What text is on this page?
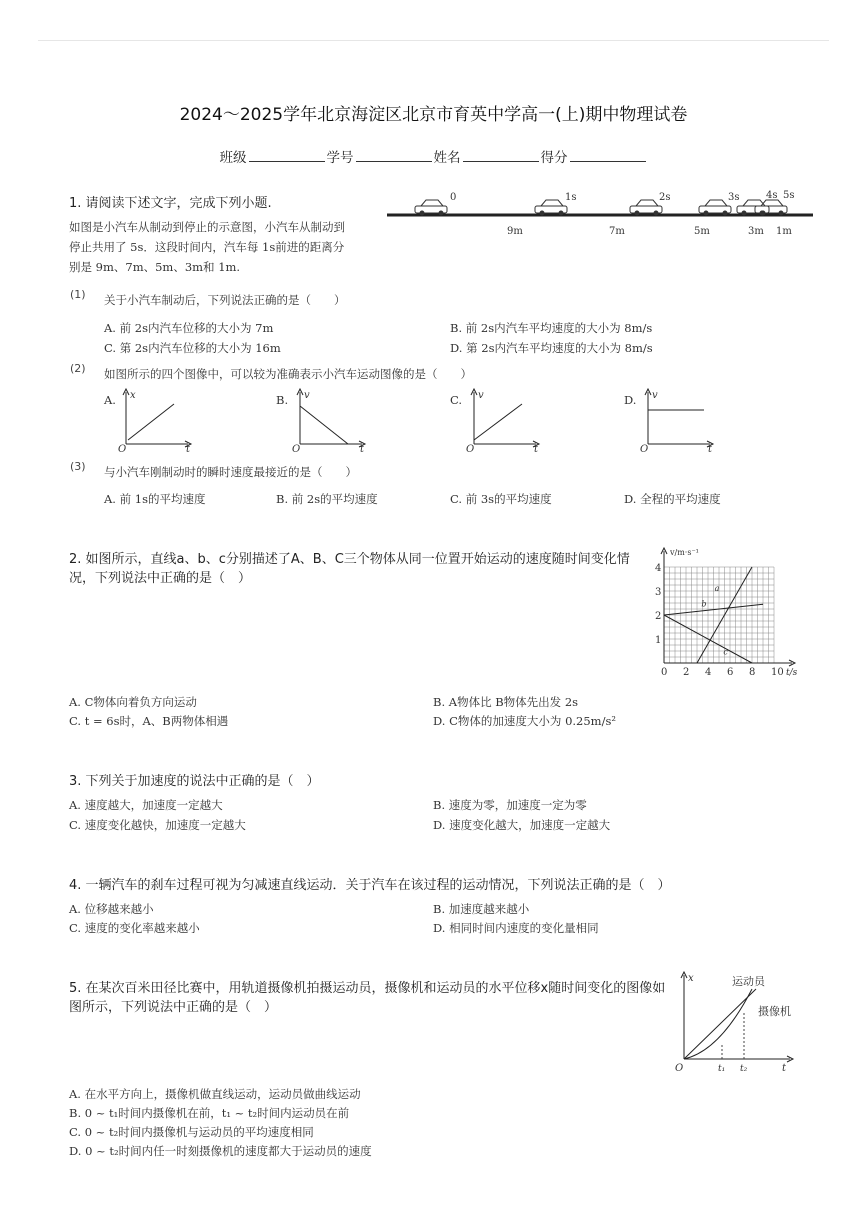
2024～2025学年北京海淀区北京市育英中学高一(上)期中物理试卷
班级	学号	姓名	得分
1. 请阅读下述文字，完成下列小题.
如图是小汽车从制动到停止的示意图，小汽车从制动到
停止共用了 5s．这段时间内，汽车每 1s前进的距离分
别是 9m、7m、5m、3m和 1m.
0	1s	2s	3s	4s 5s
9m	7m	5m	3m 1m
(1) 关于小汽车制动后，下列说法正确的是（　　）
A. 前 2s内汽车位移的大小为 7m	B. 前 2s内汽车平均速度的大小为 8m/s
C. 第 2s内汽车位移的大小为 16m	D. 第 2s内汽车平均速度的大小为 8m/s
(2) 如图所示的四个图像中，可以较为准确表示小汽车运动图像的是（　　）
A. x
t
O
B. v
t
O
C. v
t
O
D. v
t
O
(3) 与小汽车刚制动时的瞬时速度最接近的是（　　）
A. 前 1s的平均速度	B. 前 2s的平均速度	C. 前 3s的平均速度	D. 全程的平均速度
2. 如图所示，直线a、b、c分别描述了A、B、C三个物体从同一位置开始运动的速度随时间变化情
况，下列说法中正确的是（　）
a
b
c
0 2 4 6 8 10
1
2
3
4
v/m·s⁻¹
t/s
A. C物体向着负方向运动	B. A物体比 B物体先出发 2s
C. t = 6s时，A、B两物体相遇	D. C物体的加速度大小为 0.25m/s²
3. 下列关于加速度的说法中正确的是（　）
A. 速度越大，加速度一定越大	B. 速度为零，加速度一定为零
C. 速度变化越快，加速度一定越大	D. 速度变化越大，加速度一定越大
4. 一辆汽车的刹车过程可视为匀减速直线运动．关于汽车在该过程的运动情况，下列说法正确的是（　）
A. 位移越来越小	B. 加速度越来越小
C. 速度的变化率越来越小	D. 相同时间内速度的变化量相同
5. 在某次百米田径比赛中，用轨道摄像机拍摄运动员，摄像机和运动员的水平位移x随时间变化的图像如
图所示，下列说法中正确的是（　）
x
t
O	t₁ t₂
运动员
摄像机
A. 在水平方向上，摄像机做直线运动，运动员做曲线运动
B. 0 ~ t₁时间内摄像机在前，t₁ ~ t₂时间内运动员在前
C. 0 ~ t₂时间内摄像机与运动员的平均速度相同
D. 0 ~ t₂时间内任一时刻摄像机的速度都大于运动员的速度
